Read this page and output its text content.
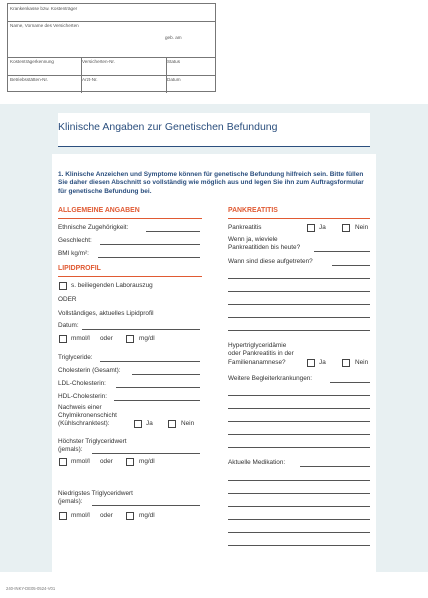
Krankenkasse bzw. Kostenträger
Name, Vorname des Versicherten
geb. am
Kostenträgerkennung	Versicherten-Nr.	Status
Betriebsstätten-Nr.	Arzt-Nr.	Datum
Klinische Angaben zur Genetischen Befundung
1. Klinische Anzeichen und Symptome können für genetische Befundung hilfreich sein. Bitte füllen Sie daher diesen Abschnitt so vollständig wie möglich aus und legen Sie ihn zum Auftragsformular für genetische Befundung bei.
ALLGEMEINE ANGABEN
Ethnische Zugehörigkeit:
Geschlecht:
BMI kg/m²:
LIPIDPROFIL
s. beiliegenden Laborauszug
ODER
Vollständiges, aktuelles Lipidprofil
Datum:
mmol/l oder	mg/dl
Triglyceride:
Cholesterin (Gesamt):
LDL-Cholesterin:
HDL-Cholesterin:
Nachweis einer
Chylmikronenschicht
(Kühlschranktest):	Ja	Nein
Höchster Triglyceridwert
(jemals):
mmol/l oder	mg/dl
Niedrigstes Triglyceridwert
(jemals):
mmol/l oder	mg/dl
PANKREATITIS
Pankreatitis	Ja	Nein
Wenn ja, wieviele
Pankreatitiden bis heute?
Wann sind diese aufgetreten?
Hypertriglyceridämie
oder Pankreatitis in der
Familienanamnese?	Ja	Nein
Weitere Begleiterkrankungen:
Aktuelle Medikation:
240-INKY-DE05-0524-V01
